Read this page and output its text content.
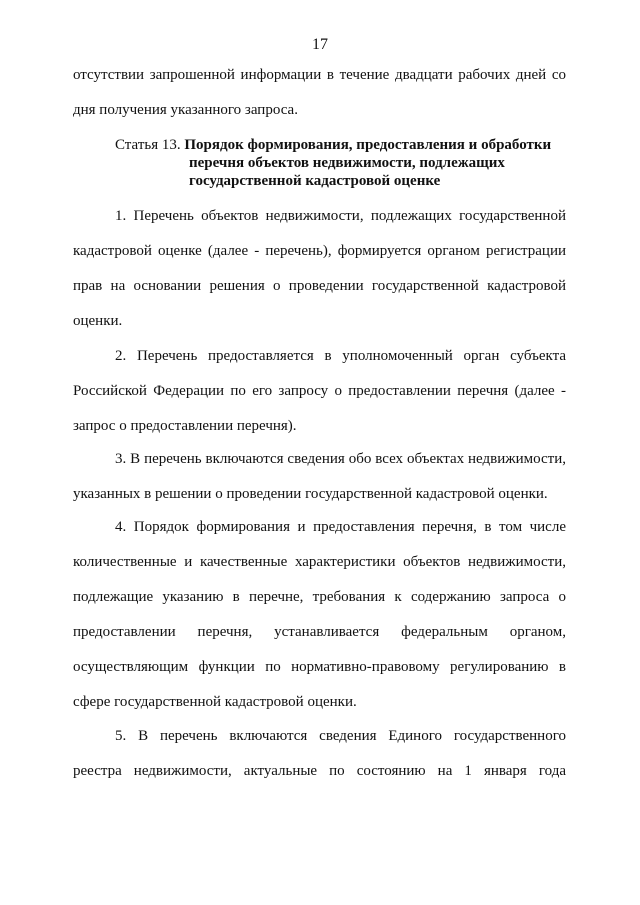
17
отсутствии запрошенной информации в течение двадцати рабочих дней со
дня получения указанного запроса.
Статья 13. Порядок формирования, предоставления и обработки
перечня объектов недвижимости, подлежащих
государственной кадастровой оценке
1. Перечень объектов недвижимости, подлежащих государственной
кадастровой оценке (далее - перечень), формируется органом регистрации
прав на основании решения о проведении государственной кадастровой
оценки.
2. Перечень предоставляется в уполномоченный орган субъекта
Российской Федерации по его запросу о предоставлении перечня (далее -
запрос о предоставлении перечня).
3. В перечень включаются сведения обо всех объектах недвижимости,
указанных в решении о проведении государственной кадастровой оценки.
4. Порядок формирования и предоставления перечня, в том числе
количественные и качественные характеристики объектов недвижимости,
подлежащие указанию в перечне, требования к содержанию запроса о
предоставлении перечня, устанавливается федеральным органом,
осуществляющим функции по нормативно-правовому регулированию в
сфере государственной кадастровой оценки.
5. В перечень включаются сведения Единого государственного
реестра недвижимости, актуальные по состоянию на 1 января года
